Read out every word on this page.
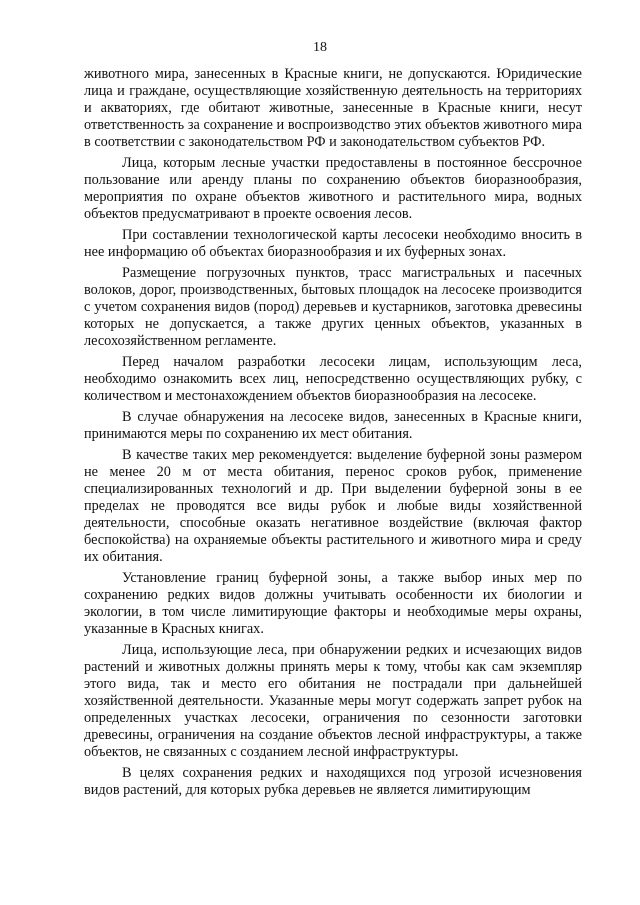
18

животного мира, занесенных в Красные книги, не допускаются. Юридические лица и граждане, осуществляющие хозяйственную деятельность на территориях и акваториях, где обитают животные, занесенные в Красные книги, несут ответственность за сохранение и воспроизводство этих объектов животного мира в соответствии с законодательством РФ и законодательством субъектов РФ.

Лица, которым лесные участки предоставлены в постоянное бессрочное пользование или аренду планы по сохранению объектов биоразнообразия, мероприятия по охране объектов животного и растительного мира, водных объектов предусматривают в проекте освоения лесов.

При составлении технологической карты лесосеки необходимо вносить в нее информацию об объектах биоразнообразия и их буферных зонах.

Размещение погрузочных пунктов, трасс магистральных и пасечных волоков, дорог, производственных, бытовых площадок на лесосеке производится с учетом сохранения видов (пород) деревьев и кустарников, заготовка древесины которых не допускается, а также других ценных объектов, указанных в лесохозяйственном регламенте.

Перед началом разработки лесосеки лицам, использующим леса, необходимо ознакомить всех лиц, непосредственно осуществляющих рубку, с количеством и местонахождением объектов биоразнообразия на лесосеке.

В случае обнаружения на лесосеке видов, занесенных в Красные книги, принимаются меры по сохранению их мест обитания.

В качестве таких мер рекомендуется: выделение буферной зоны размером не менее 20 м от места обитания, перенос сроков рубок, применение специализированных технологий и др. При выделении буферной зоны в ее пределах не проводятся все виды рубок и любые виды хозяйственной деятельности, способные оказать негативное воздействие (включая фактор беспокойства) на охраняемые объекты растительного и животного мира и среду их обитания.

Установление границ буферной зоны, а также выбор иных мер по сохранению редких видов должны учитывать особенности их биологии и экологии, в том числе лимитирующие факторы и необходимые меры охраны, указанные в Красных книгах.

Лица, использующие леса, при обнаружении редких и исчезающих видов растений и животных должны принять меры к тому, чтобы как сам экземпляр этого вида, так и место его обитания не пострадали при дальнейшей хозяйственной деятельности. Указанные меры могут содержать запрет рубок на определенных участках лесосеки, ограничения по сезонности заготовки древесины, ограничения на создание объектов лесной инфраструктуры, а также объектов, не связанных с созданием лесной инфраструктуры.

В целях сохранения редких и находящихся под угрозой исчезновения видов растений, для которых рубка деревьев не является лимитирующим
